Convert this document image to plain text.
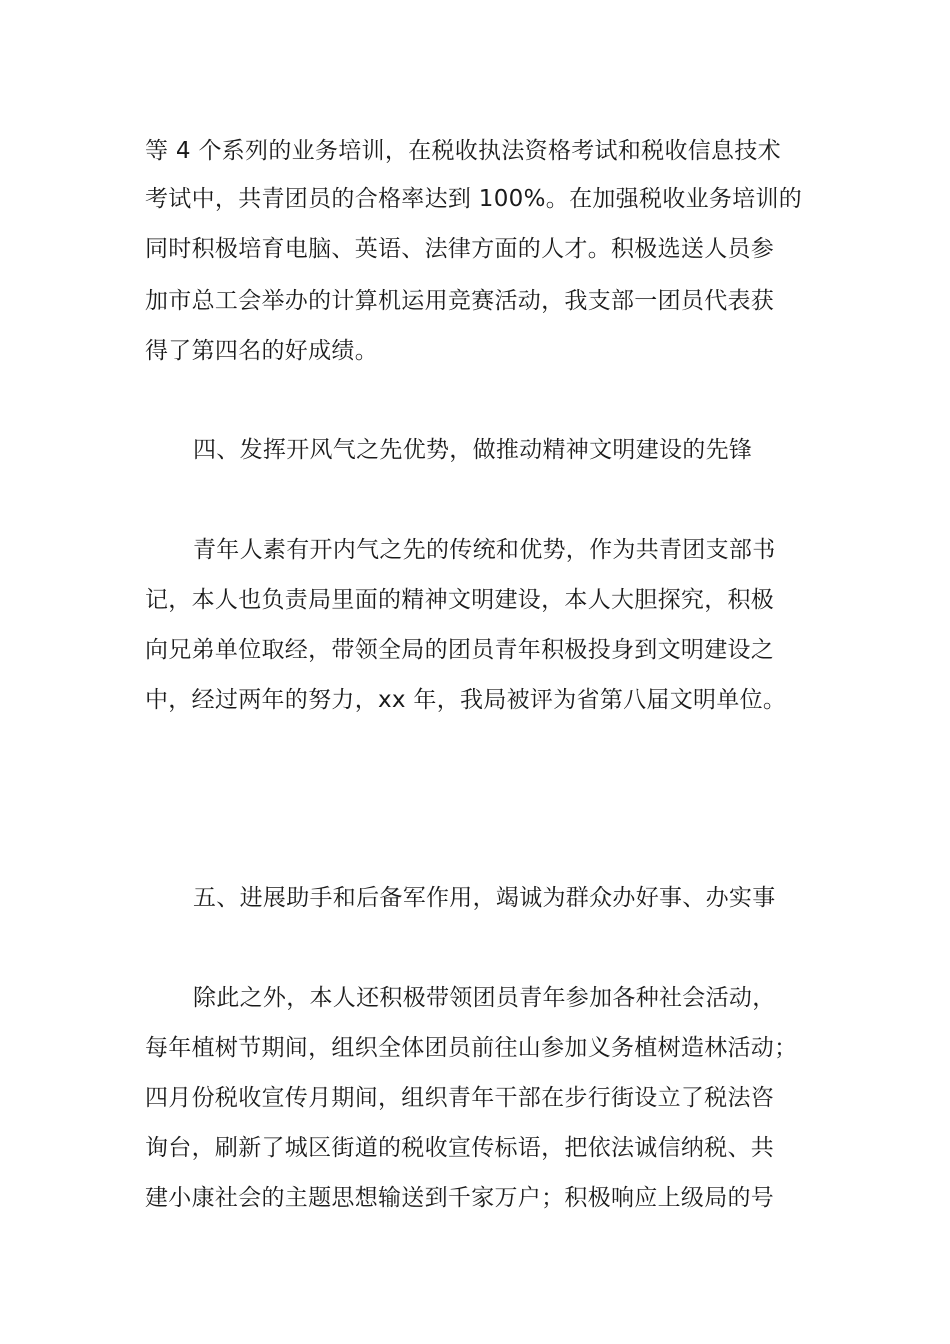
等 4 个系列的业务培训，在税收执法资格考试和税收信息技术
考试中，共青团员的合格率达到 100%。在加强税收业务培训的
同时积极培育电脑、英语、法律方面的人才。积极选送人员参
加市总工会举办的计算机运用竞赛活动，我支部一团员代表获
得了第四名的好成绩。
四、发挥开风气之先优势，做推动精神文明建设的先锋
青年人素有开内气之先的传统和优势，作为共青团支部书
记，本人也负责局里面的精神文明建设，本人大胆探究，积极
向兄弟单位取经，带领全局的团员青年积极投身到文明建设之
中，经过两年的努力，xx 年，我局被评为省第八届文明单位。
五、进展助手和后备军作用，竭诚为群众办好事、办实事
除此之外，本人还积极带领团员青年参加各种社会活动，
每年植树节期间，组织全体团员前往山参加义务植树造林活动；
四月份税收宣传月期间，组织青年干部在步行街设立了税法咨
询台，刷新了城区街道的税收宣传标语，把依法诚信纳税、共
建小康社会的主题思想输送到千家万户；积极响应上级局的号
